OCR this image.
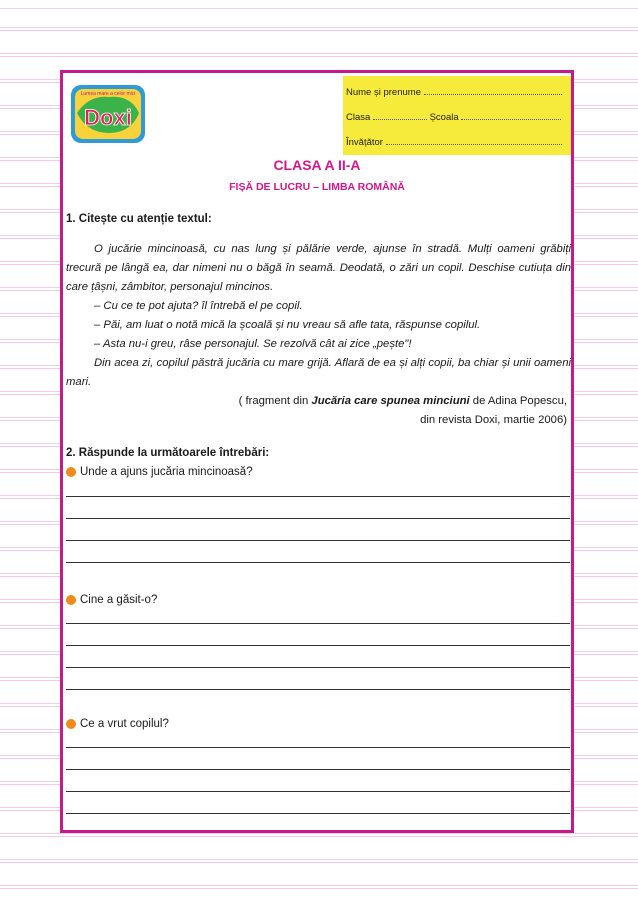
Lumea mare a celor mici
Doxi
Nume și prenume
Clasa	Școala
Învățător
CLASA A II-A
FIȘĂ DE LUCRU – LIMBA ROMÂNĂ
1. Citește cu atenție textul:

O jucărie mincinoasă, cu nas lung și pălărie verde, ajunse în stradă. Mulți oameni grăbiți trecură pe lângă ea, dar nimeni nu o băgă în seamă. Deodată, o zări un copil. Deschise cutiuța din care țâșni, zâmbitor, personajul mincinos.

– Cu ce te pot ajuta? îl întrebă el pe copil.

– Păi, am luat o notă mică la școală și nu vreau să afle tata, răspunse copilul.

– Asta nu-i greu, râse personajul. Se rezolvă cât ai zice „pește"!

Din acea zi, copilul păstră jucăria cu mare grijă. Aflară de ea și alți copii, ba chiar și unii oameni mari.

( fragment din Jucăria care spunea minciuni de Adina Popescu,
din revista Doxi, martie 2006)
2. Răspunde la următoarele întrebări:
Unde a ajuns jucăria mincinoasă?
Cine a găsit-o?
Ce a vrut copilul?
